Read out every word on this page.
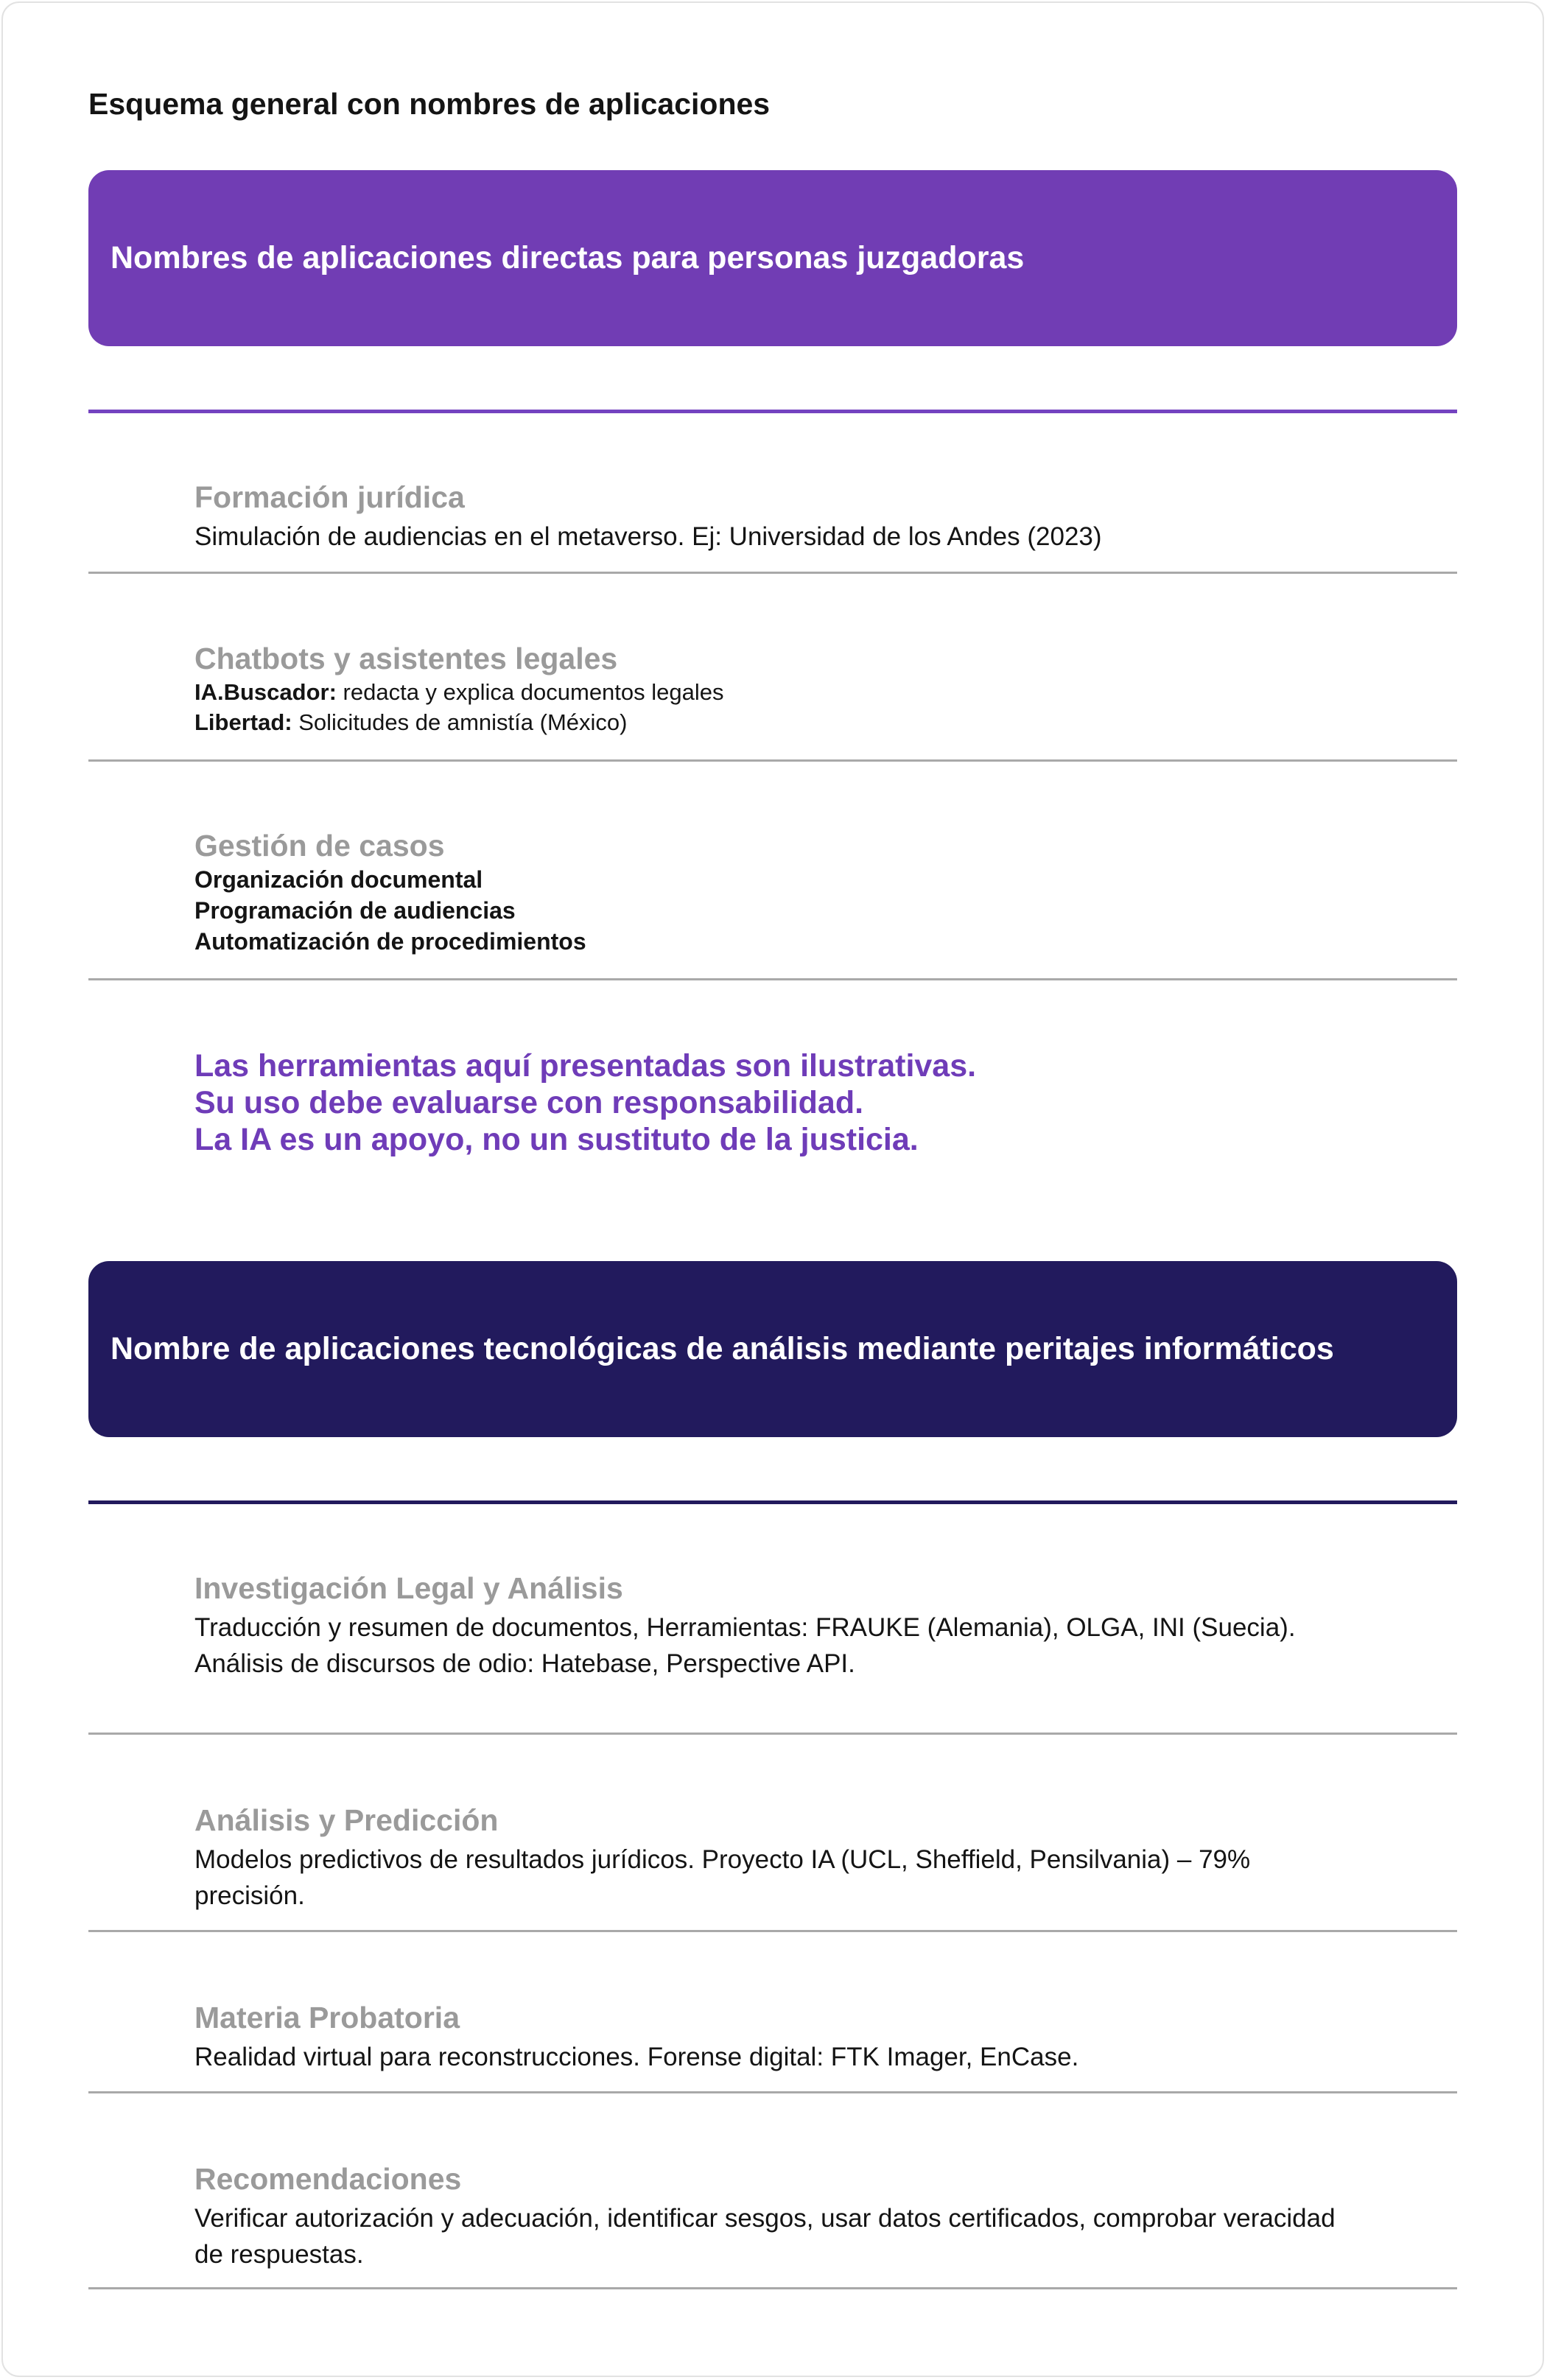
Esquema general con nombres de aplicaciones
Nombres de aplicaciones directas para personas juzgadoras
Formación jurídica
Simulación de audiencias en el metaverso. Ej: Universidad de los Andes (2023)
Chatbots y asistentes legales
IA.Buscador: redacta y explica documentos legales
Libertad: Solicitudes de amnistía (México)
Gestión de casos
Organización documental
Programación de audiencias
Automatización de procedimientos
Las herramientas aquí presentadas son ilustrativas.
Su uso debe evaluarse con responsabilidad.
La IA es un apoyo, no un sustituto de la justicia.
Nombre de aplicaciones tecnológicas de análisis mediante peritajes informáticos
Investigación Legal y Análisis
Traducción y resumen de documentos, Herramientas: FRAUKE (Alemania), OLGA, INI (Suecia). Análisis de discursos de odio: Hatebase, Perspective API.
Análisis y Predicción
Modelos predictivos de resultados jurídicos. Proyecto IA (UCL, Sheffield, Pensilvania) – 79% precisión.
Materia Probatoria
Realidad virtual para reconstrucciones. Forense digital: FTK Imager, EnCase.
Recomendaciones
Verificar autorización y adecuación, identificar sesgos, usar datos certificados, comprobar veracidad de respuestas.
